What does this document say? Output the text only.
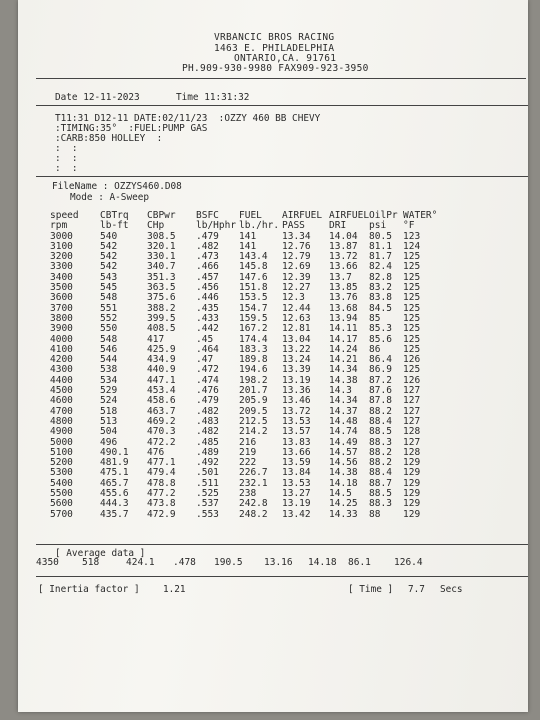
VRBANCIC BROS RACING
1463 E. PHILADELPHIA
ONTARIO,CA. 91761
PH.909-930-9980 FAX909-923-3950
Date 12-11-2023	Time 11:31:32
T11:31 D12-11 DATE:02/11/23  :OZZY 460 BB CHEVY
:TIMING:35°  :FUEL:PUMP GAS
:CARB:850 HOLLEY  :
:  :
:  :
:  :
FileName : OZZYS460.D08
Mode : A-Sweep
speed	CBTrq	CBPwr	BSFC	FUEL	AIRFUEL	AIRFUEL	OilPr	WATER°
rpm	lb-ft	CHp	lb/Hphr	lb./hr.	PASS	DRI	psi	°F
3000	540	308.5	.479	141	13.34	14.04	80.5	123
3100	542	320.1	.482	141	12.76	13.87	81.1	124
3200	542	330.1	.473	143.4	12.79	13.72	81.7	125
3300	542	340.7	.466	145.8	12.69	13.66	82.4	125
3400	543	351.3	.457	147.6	12.39	13.7	82.8	125
3500	545	363.5	.456	151.8	12.27	13.85	83.2	125
3600	548	375.6	.446	153.5	12.3	13.76	83.8	125
3700	551	388.2	.435	154.7	12.44	13.68	84.5	125
3800	552	399.5	.433	159.5	12.63	13.94	85	125
3900	550	408.5	.442	167.2	12.81	14.11	85.3	125
4000	548	417	.45	174.4	13.04	14.17	85.6	125
4100	546	425.9	.464	183.3	13.22	14.24	86	125
4200	544	434.9	.47	189.8	13.24	14.21	86.4	126
4300	538	440.9	.472	194.6	13.39	14.34	86.9	125
4400	534	447.1	.474	198.2	13.19	14.38	87.2	126
4500	529	453.4	.476	201.7	13.36	14.3	87.6	127
4600	524	458.6	.479	205.9	13.46	14.34	87.8	127
4700	518	463.7	.482	209.5	13.72	14.37	88.2	127
4800	513	469.2	.483	212.5	13.53	14.48	88.4	127
4900	504	470.3	.482	214.2	13.57	14.74	88.5	128
5000	496	472.2	.485	216	13.83	14.49	88.3	127
5100	490.1	476	.489	219	13.66	14.57	88.2	128
5200	481.9	477.1	.492	222	13.59	14.56	88.2	129
5300	475.1	479.4	.501	226.7	13.84	14.38	88.4	129
5400	465.7	478.8	.511	232.1	13.53	14.18	88.7	129
5500	455.6	477.2	.525	238	13.27	14.5	88.5	129
5600	444.3	473.8	.537	242.8	13.19	14.25	88.3	129
5700	435.7	472.9	.553	248.2	13.42	14.33	88	129
[ Average data ]
4350	518	424.1	.478	190.5	13.16	14.18	86.1	126.4
[ Inertia factor ] 1.21	[ Time ] 7.7 Secs
